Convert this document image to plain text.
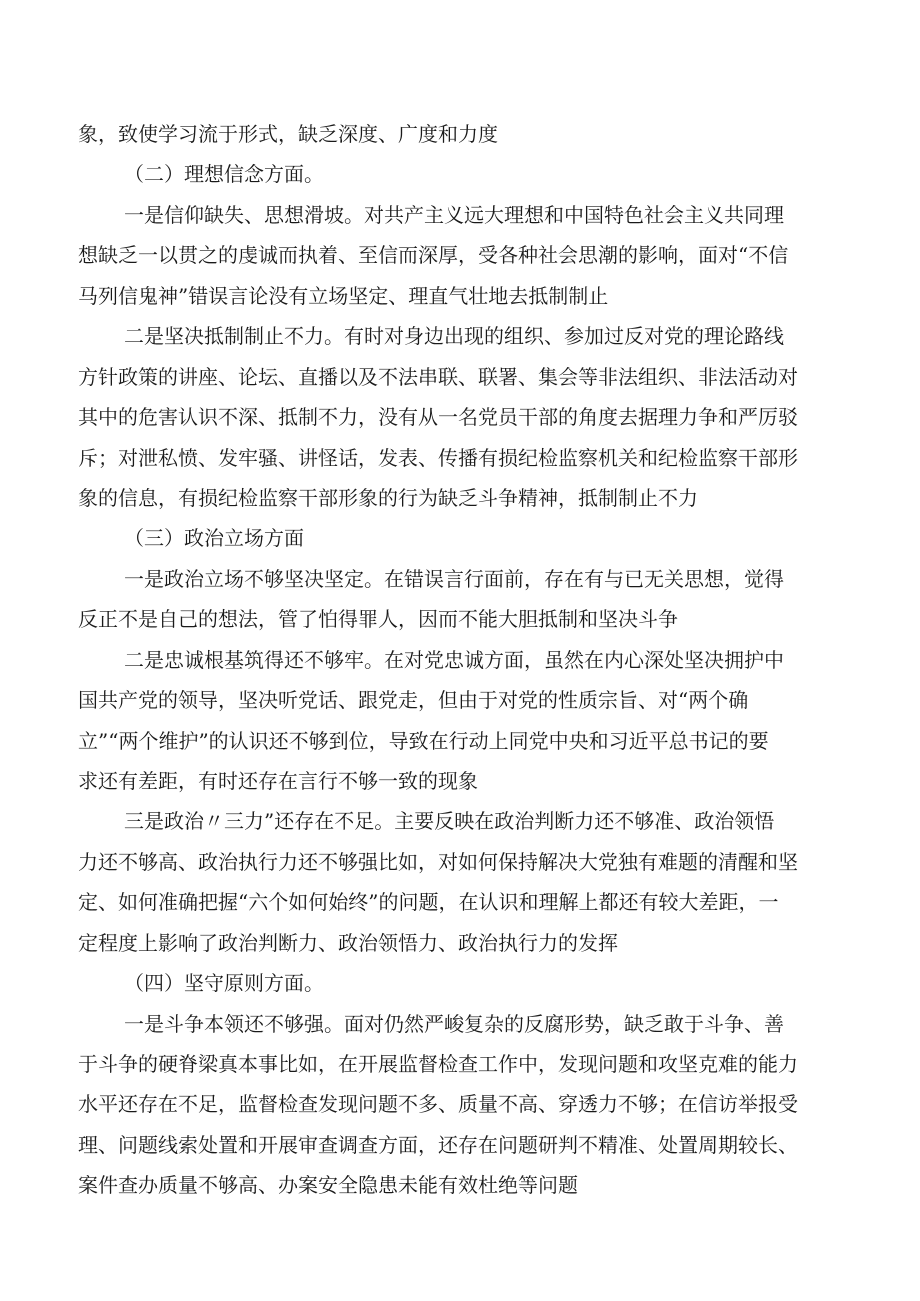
象，致使学习流于形式，缺乏深度、广度和力度

（二）理想信念方面。

一是信仰缺失、思想滑坡。对共产主义远大理想和中国特色社会主义共同理

想缺乏一以贯之的虔诚而执着、至信而深厚，受各种社会思潮的影响，面对“不信

马列信鬼神”错误言论没有立场坚定、理直气壮地去抵制制止

二是坚决抵制制止不力。有时对身边出现的组织、参加过反对党的理论路线

方针政策的讲座、论坛、直播以及不法串联、联署、集会等非法组织、非法活动对

其中的危害认识不深、抵制不力，没有从一名党员干部的角度去据理力争和严厉驳

斥；对泄私愤、发牢骚、讲怪话，发表、传播有损纪检监察机关和纪检监察干部形

象的信息，有损纪检监察干部形象的行为缺乏斗争精神，抵制制止不力

（三）政治立场方面

一是政治立场不够坚决坚定。在错误言行面前，存在有与已无关思想，觉得

反正不是自己的想法，管了怕得罪人，因而不能大胆抵制和坚决斗争

二是忠诚根基筑得还不够牢。在对党忠诚方面，虽然在内心深处坚决拥护中

国共产党的领导，坚决听党话、跟党走，但由于对党的性质宗旨、对“两个确

立”“两个维护”的认识还不够到位，导致在行动上同党中央和习近平总书记的要

求还有差距，有时还存在言行不够一致的现象

三是政治〃三力”还存在不足。主要反映在政治判断力还不够准、政治领悟

力还不够高、政治执行力还不够强比如，对如何保持解决大党独有难题的清醒和坚

定、如何准确把握“六个如何始终”的问题，在认识和理解上都还有较大差距，一

定程度上影响了政治判断力、政治领悟力、政治执行力的发挥

（四）坚守原则方面。

一是斗争本领还不够强。面对仍然严峻复杂的反腐形势，缺乏敢于斗争、善

于斗争的硬脊梁真本事比如，在开展监督检查工作中，发现问题和攻坚克难的能力

水平还存在不足，监督检查发现问题不多、质量不高、穿透力不够；在信访举报受

理、问题线索处置和开展审查调查方面，还存在问题研判不精准、处置周期较长、

案件查办质量不够高、办案安全隐患未能有效杜绝等问题
